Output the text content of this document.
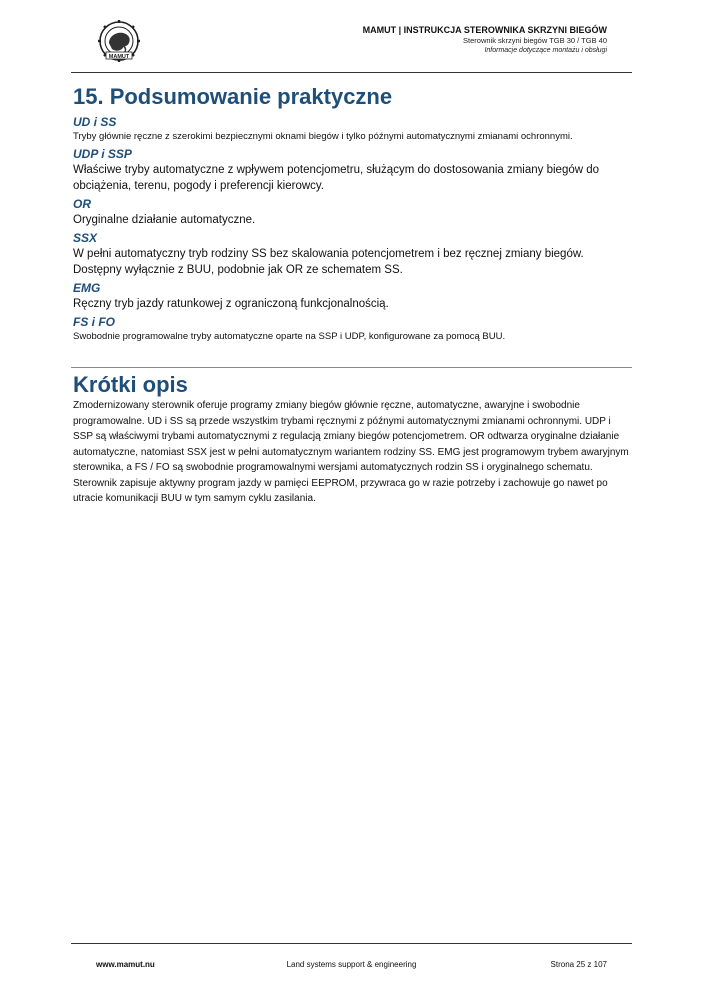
MAMUT
MAMUT | INSTRUKCJA STEROWNIKA SKRZYNI BIEGÓW
Sterownik skrzyni biegów TGB 30 / TGB 40
Informacje dotyczące montażu i obsługi
15. Podsumowanie praktyczne

UD i SS

Tryby głównie ręczne z szerokimi bezpiecznymi oknami biegów i tylko późnymi automatycznymi zmianami ochronnymi.

UDP i SSP

Właściwe tryby automatyczne z wpływem potencjometru, służącym do dostosowania zmiany biegów do obciążenia, terenu, pogody i preferencji kierowcy.

OR

Oryginalne działanie automatyczne.

SSX

W pełni automatyczny tryb rodziny SS bez skalowania potencjometrem i bez ręcznej zmiany biegów. Dostępny wyłącznie z BUU, podobnie jak OR ze schematem SS.

EMG

Ręczny tryb jazdy ratunkowej z ograniczoną funkcjonalnością.

FS i FO

Swobodnie programowalne tryby automatyczne oparte na SSP i UDP, konfigurowane za pomocą BUU.

Krótki opis

Zmodernizowany sterownik oferuje programy zmiany biegów głównie ręczne, automatyczne, awaryjne i swobodnie programowalne. UD i SS są przede wszystkim trybami ręcznymi z późnymi automatycznymi zmianami ochronnymi. UDP i SSP są właściwymi trybami automatycznymi z regulacją zmiany biegów potencjometrem. OR odtwarza oryginalne działanie automatyczne, natomiast SSX jest w pełni automatycznym wariantem rodziny SS. EMG jest programowym trybem awaryjnym sterownika, a FS / FO są swobodnie programowalnymi wersjami automatycznych rodzin SS i oryginalnego schematu. Sterownik zapisuje aktywny program jazdy w pamięci EEPROM, przywraca go w razie potrzeby i zachowuje go nawet po utracie komunikacji BUU w tym samym cyklu zasilania.

www.mamut.nu	Land systems support & engineering	Strona 25 z 107
